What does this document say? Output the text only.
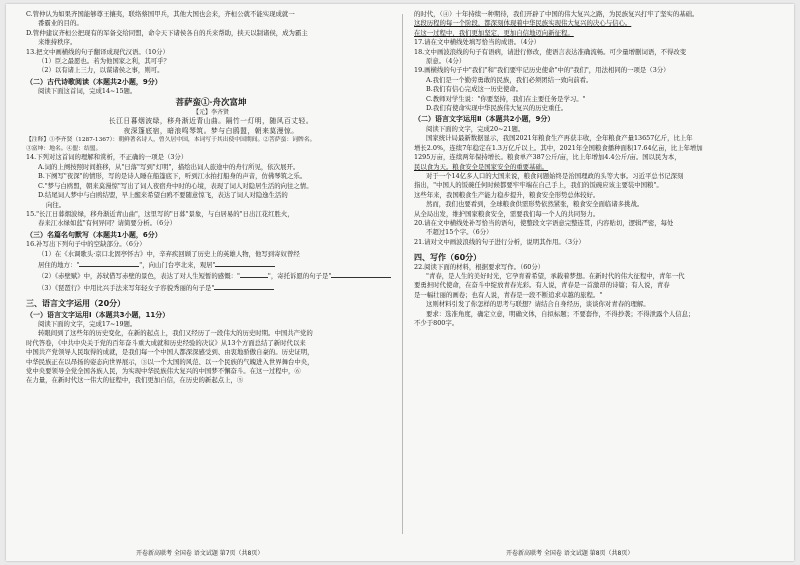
C.管仲认为如果齐国能够尊王攘夷，联络蔡国甲兵，其他大国也会来，齐桓公就不能实现成就一
番霸业的目的。
D.管仲建议齐桓公把现有的军备交给同盟，命令天下诸侯各自的兵来帮助，挟天以制诸侯，成为霸主
来维持秩序。
13.把文中画横线的句子翻译成现代汉语。（10分）
（1）臣之最愿也。若为他国家之利，其可乎？
（2）以有诸上三力，以谋诸侯之事，则可。
（二）古代诗歌阅读（本题共2小题，9分）
阅读下面这首词，完成14~15题。
菩萨蛮①·舟次富坤
【元】李齐贤
长江日暮烟波绿，移舟渐近青山曲。隔竹一灯明，随风百丈轻。
夜深篷底宿，暗浪鸣琴筑。梦与白鸥盟，朝来莫漫惊。
【注释】①李齐贤（1287-1367）：朝鲜著名诗人，曾久居中国，本词写于其出使中国期间。②菩萨蛮：词牌名。
③富坤：地名。④盟：结盟。
14.下列对这首词的理解和赏析，不正确的一项是（3分）
A.词的上阕按照时间推移，从"日落"写到"灯明"，描绘出词人旅途中的舟行所见，依次展开。
B.下阕写"夜深"的情形，写的是诗人睡在船篷底下，听到江水拍打船身的声音，仿佛琴筑之乐。
C."梦与白鸥盟，朝来莫漫惊"写出了词人夜宿舟中时的心境，表现了词人对隐居生活的向往之情。
D.结尾词人梦中与白鸥结盟，早上醒来希望白鸥不要随意惊飞，表达了词人对隐逸生活的
向往。
15."长江日暮烟波绿，移舟渐近青山曲"，这里写的"日暮"景象，与白居易的"日出江花红胜火，
春来江水绿如蓝"有何异同？请简要分析。（6分）
（三）名篇名句默写（本题共1小题，6分）
16.补写出下列句子中的空缺部分。（6分）
（1）在《水调歌头·京口北固亭怀古》中，辛弃疾回顾了历史上的英雄人物，他写到寄奴曾经
居住的地方："	"，向山门台亭北来，观居"
（2）《赤壁赋》中，苏轼借写赤壁的景色，表达了对人生短暂的感慨："	"，寄托诉愿的句子是"
（3）《琵琶行》中用比兴手法来写年轻女子容貌秀丽的句子是"
三、语言文字运用（20分）
（一）语言文字运用Ⅰ（本题共3小题，11分）
阅读下面的文字，完成17~19题。
转眼间到了这些年的历史变化，在新的起点上，我们又经历了一段伟大的历史时期。中国共产党的
时代答卷，《中共中央关于党的百年奋斗重大成就和历史经验的决议》从13个方面总结了新时代以来
中国共产党领导人民取得的成就，是我们每一个中国人都深深感受到、由衷地骄傲自豪的。历史证明，
中华民族正在以昂扬的姿态向世界展示，③以一个大国的风范、以一个民族的气魄进入世界舞台中央，
党中央要领导全党全国各族人民，为实现中华民族伟大复兴的中国梦不懈奋斗。在这一过程中，⑥
在力量，在新时代这一伟大的征程中，我们更加自信，在历史的新起点上，⑤
的时代，（④）十年持续一种期待，我们开辟了中国的伟大复兴之路，为民族复兴打牢了坚实的基础。
这段历程的每一个阶段，都深刻体现着中华民族实现伟大复兴的决心与信心。
在这一过程中，我们更加坚定，更加自信地迈向新征程。
17.请在文中横线处填写恰当的成语。（4分）
18.文中画波浪线的句子有语病，请进行修改，使语言表达准确流畅。可少量增删词语，不得改变
原意。（4分）
19.画横线的句子中"我们"和"我们要牢记历史使命"中的"我们"，用法相同的一项是（3分）
A.我们是一个勤劳勇敢的民族，我们必须团结一致向前看。
B.我们有信心完成这一历史使命。
C.教师对学生说："你要坚持，我们在主要任务是学习。"
D.我们有使命实现中华民族伟大复兴的历史重任。
（二）语言文字运用Ⅱ（本题共2小题，9分）
阅读下面的文字，完成20~21题。
国家统计局最新数据显示，我国2021年粮食生产再获丰收，全年粮食产量13657亿斤，比上年
增长2.0%，连续7年稳定在1.3万亿斤以上。其中，2021年全国粮食播种面积17.64亿亩，比上年增加
1295万亩，连续两年保持增长。粮食单产387公斤/亩，比上年增加4.4公斤/亩。国以民为本，
民以食为天。粮食安全是国家安全的重要基础。
对于一个14亿多人口的大国来说，粮食问题始终是治国理政的头等大事。习近平总书记深刻
指出，"中国人的饭碗任何时候都要牢牢端在自己手上，我们的饭碗应该主要装中国粮"。
这些年来，我国粮食生产能力稳步提升，粮食安全形势总体较好。
然而，我们也要看到，全球粮食供需形势依然紧张，粮食安全面临诸多挑战。
从全局出发，维护国家粮食安全，需要我们每一个人的共同努力。
20.请在文中横线处补写恰当的语句，使整段文字语意完整连贯，内容贴切，逻辑严密，每处
不超过15个字。（6分）
21.请对文中画波浪线的句子进行分析，说明其作用。（3分）
四、写作（60分）
22.阅读下面的材料，根据要求写作。（60分）
"青春，是人生的美好时光，它孕育着希望，承载着梦想。在新时代的伟大征程中，青年一代
要勇担时代使命，在奋斗中绽放青春光彩。有人说，青春是一首激昂的诗篇；有人说，青春
是一幅壮丽的画卷；也有人说，青春是一段不断追求卓越的旅程。"
这则材料引发了你怎样的思考与联想？请结合自身经历，谈谈你对青春的理解。
要求：选准角度，确定立意，明确文体，自拟标题；不要套作，不得抄袭；不得泄露个人信息；
不少于800字。
开卷新高联考 全国卷 语文试题 第7页（共8页）	开卷新高联考 全国卷 语文试题 第8页（共8页）
